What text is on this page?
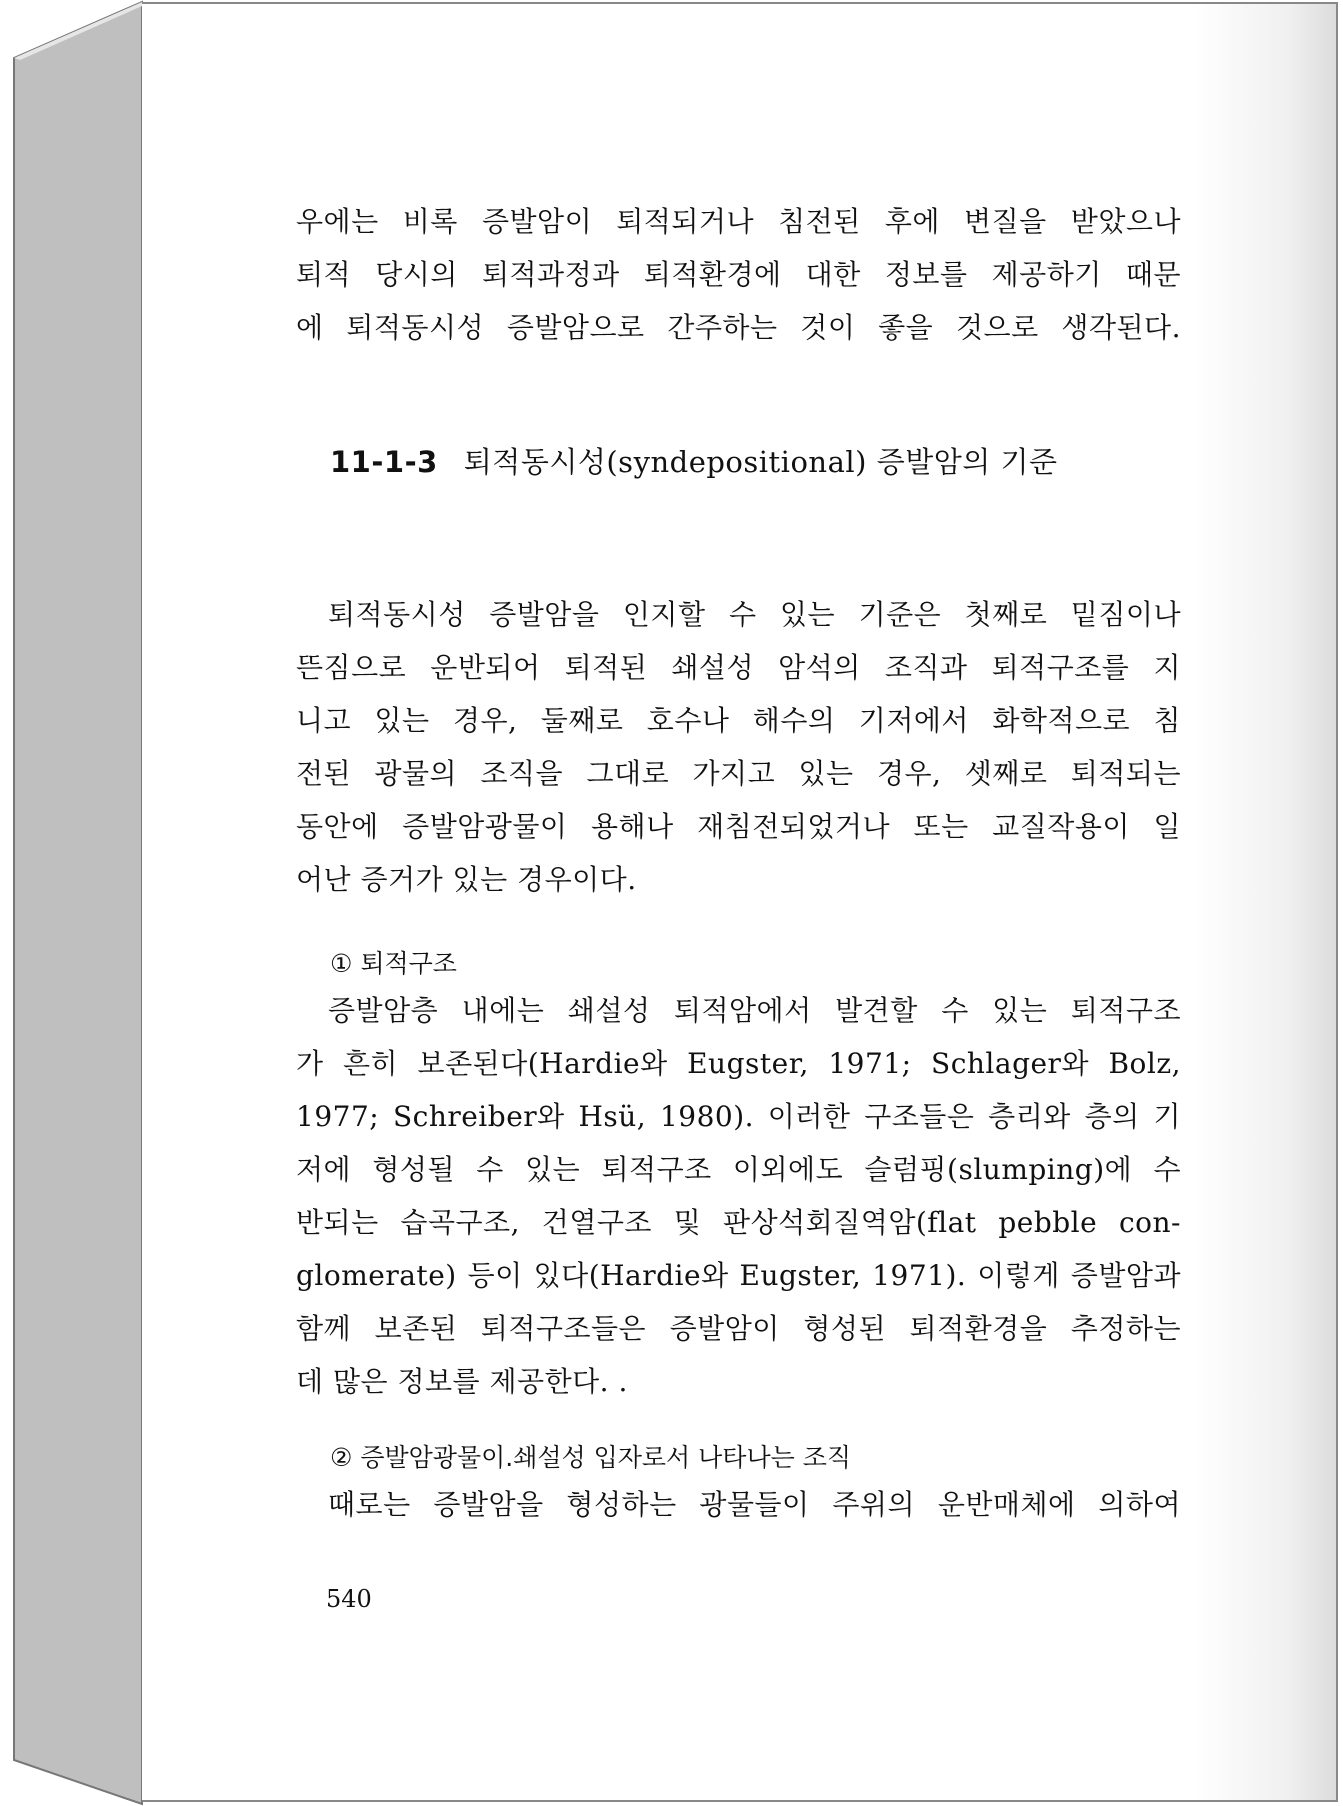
우에는 비록 증발암이 퇴적되거나 침전된 후에 변질을 받았으나
퇴적 당시의 퇴적과정과 퇴적환경에 대한 정보를 제공하기 때문
에 퇴적동시성 증발암으로 간주하는 것이 좋을 것으로 생각된다.
11-1-3 퇴적동시성(syndepositional) 증발암의 기준
퇴적동시성 증발암을 인지할 수 있는 기준은 첫째로 밑짐이나
뜬짐으로 운반되어 퇴적된 쇄설성 암석의 조직과 퇴적구조를 지
니고 있는 경우, 둘째로 호수나 해수의 기저에서 화학적으로 침
전된 광물의 조직을 그대로 가지고 있는 경우, 셋째로 퇴적되는
동안에 증발암광물이 용해나 재침전되었거나 또는 교질작용이 일
어난 증거가 있는 경우이다.
① 퇴적구조
증발암층 내에는 쇄설성 퇴적암에서 발견할 수 있는 퇴적구조
가 흔히 보존된다(Hardie와 Eugster, 1971; Schlager와 Bolz,
1977; Schreiber와 Hsü, 1980). 이러한 구조들은 층리와 층의 기
저에 형성될 수 있는 퇴적구조 이외에도 슬럼핑(slumping)에 수
반되는 습곡구조, 건열구조 및 판상석회질역암(flat pebble con-
glomerate) 등이 있다(Hardie와 Eugster, 1971). 이렇게 증발암과
함께 보존된 퇴적구조들은 증발암이 형성된 퇴적환경을 추정하는
데 많은 정보를 제공한다. .
② 증발암광물이.쇄설성 입자로서 나타나는 조직
때로는 증발암을 형성하는 광물들이 주위의 운반매체에 의하여
540
